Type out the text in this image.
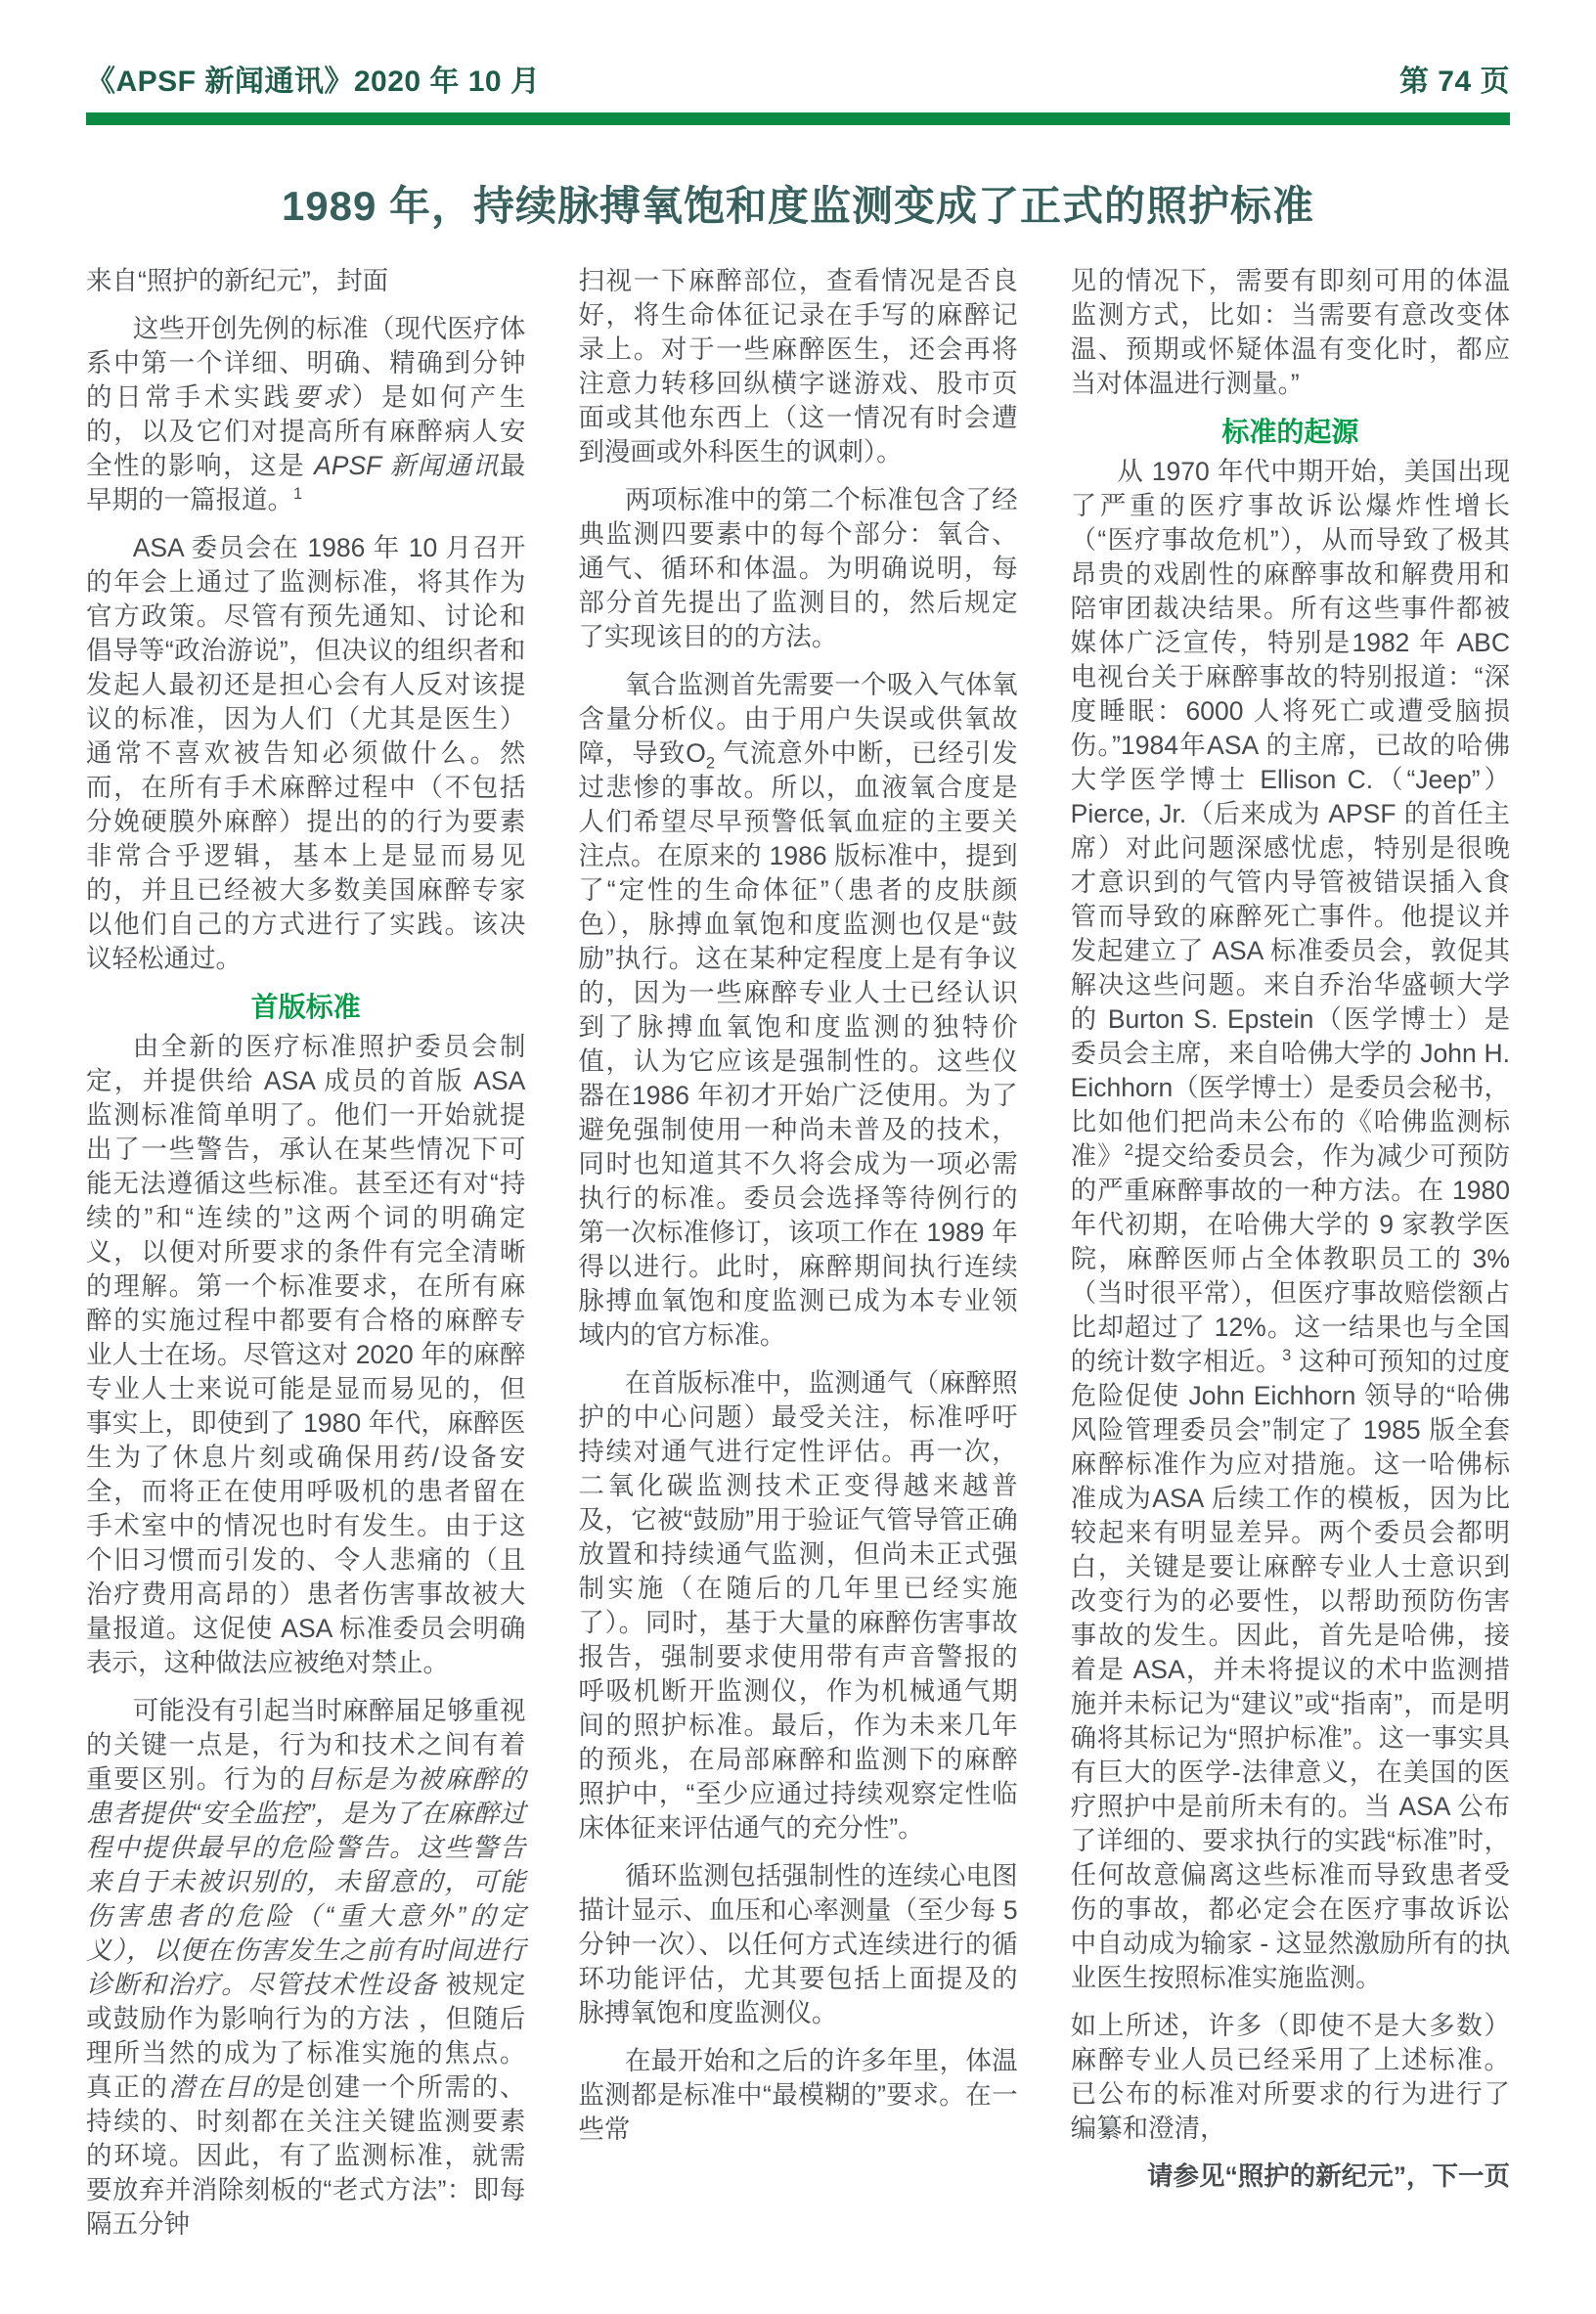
《APSF 新闻通讯》2020 年 10 月	第 74 页
1989 年，持续脉搏氧饱和度监测变成了正式的照护标准

来自“照护的新纪元”，封面

这些开创先例的标准（现代医疗体系中第一个详细、明确、精确到分钟的日常手术实践要求）是如何产生的，以及它们对提高所有麻醉病人安全性的影响，这是 APSF 新闻通讯最早期的一篇报道。$^1$

ASA 委员会在 1986 年 10 月召开的年会上通过了监测标准，将其作为官方政策。尽管有预先通知、讨论和倡导等“政治游说”，但决议的组织者和发起人最初还是担心会有人反对该提议的标准，因为人们（尤其是医生）通常不喜欢被告知必须做什么。然而，在所有手术麻醉过程中（不包括分娩硬膜外麻醉）提出的的行为要素非常合乎逻辑，基本上是显而易见的，并且已经被大多数美国麻醉专家以他们自己的方式进行了实践。该决议轻松通过。

首版标准

由全新的医疗标准照护委员会制定，并提供给 ASA 成员的首版 ASA 监测标准简单明了。他们一开始就提出了一些警告，承认在某些情况下可能无法遵循这些标准。甚至还有对“持续的”和“连续的”这两个词的明确定义，以便对所要求的条件有完全清晰的理解。第一个标准要求，在所有麻醉的实施过程中都要有合格的麻醉专业人士在场。尽管这对 2020 年的麻醉专业人士来说可能是显而易见的，但事实上，即使到了 1980 年代，麻醉医生为了休息片刻或确保用药/设备安全，而将正在使用呼吸机的患者留在手术室中的情况也时有发生。由于这个旧习惯而引发的、令人悲痛的（且治疗费用高昂的）患者伤害事故被大量报道。这促使 ASA 标准委员会明确表示，这种做法应被绝对禁止。

可能没有引起当时麻醉届足够重视的关键一点是，行为和技术之间有着重要区别。行为的目标是为被麻醉的患者提供“安全监控”，是为了在麻醉过程中提供最早的危险警告。这些警告来自于未被识别的，未留意的，可能伤害患者的危险（“重大意外”的定义），以便在伤害发生之前有时间进行诊断和治疗。尽管技术性设备 被规定或鼓励作为影响行为的方法 ，但随后理所当然的成为了标准实施的焦点。真正的潜在目的是创建一个所需的、持续的、时刻都在关注关键监测要素的环境。因此，有了监测标准，就需要放弃并消除刻板的“老式方法”：即每隔五分钟

扫视一下麻醉部位，查看情况是否良好，将生命体征记录在手写的麻醉记录上。对于一些麻醉医生，还会再将注意力转移回纵横字谜游戏、股市页面或其他东西上（这一情况有时会遭到漫画或外科医生的讽刺）。

两项标准中的第二个标准包含了经典监测四要素中的每个部分：氧合、通气、循环和体温。为明确说明，每部分首先提出了监测目的，然后规定了实现该目的的方法。

氧合监测首先需要一个吸入气体氧含量分析仪。由于用户失误或供氧故障，导致$O_2$ 气流意外中断，已经引发过悲惨的事故。所以，血液氧合度是人们希望尽早预警低氧血症的主要关注点。在原来的 1986 版标准中，提到了“定性的生命体征”（患者的皮肤颜色），脉搏血氧饱和度监测也仅是“鼓励”执行。这在某种定程度上是有争议的，因为一些麻醉专业人士已经认识到了脉搏血氧饱和度监测的独特价值，认为它应该是强制性的。这些仪器在1986 年初才开始广泛使用。为了避免强制使用一种尚未普及的技术，同时也知道其不久将会成为一项必需执行的标准。委员会选择等待例行的第一次标准修订，该项工作在 1989 年得以进行。此时，麻醉期间执行连续脉搏血氧饱和度监测已成为本专业领域内的官方标准。

在首版标准中，监测通气（麻醉照护的中心问题）最受关注，标准呼吁持续对通气进行定性评估。再一次，二氧化碳监测技术正变得越来越普及，它被“鼓励”用于验证气管导管正确放置和持续通气监测，但尚未正式强制实施（在随后的几年里已经实施了）。同时，基于大量的麻醉伤害事故报告，强制要求使用带有声音警报的呼吸机断开监测仪，作为机械通气期间的照护标准。最后，作为未来几年的预兆，在局部麻醉和监测下的麻醉照护中，“至少应通过持续观察定性临床体征来评估通气的充分性”。

循环监测包括强制性的连续心电图描计显示、血压和心率测量（至少每 5 分钟一次）、以任何方式连续进行的循环功能评估，尤其要包括上面提及的脉搏氧饱和度监测仪。

在最开始和之后的许多年里，体温监测都是标准中“最模糊的”要求。在一些常

见的情况下，需要有即刻可用的体温监测方式，比如：当需要有意改变体温、预期或怀疑体温有变化时，都应当对体温进行测量。”

标准的起源

从 1970 年代中期开始，美国出现了严重的医疗事故诉讼爆炸性增长（“医疗事故危机”），从而导致了极其昂贵的戏剧性的麻醉事故和解费用和陪审团裁决结果。所有这些事件都被媒体广泛宣传，特别是1982 年 ABC 电视台关于麻醉事故的特别报道：“深度睡眠：6000 人将死亡或遭受脑损伤。”1984年ASA 的主席，已故的哈佛大学医学博士 Ellison C.（“Jeep”）Pierce, Jr.（后来成为 APSF 的首任主席）对此问题深感忧虑，特别是很晚才意识到的气管内导管被错误插入食管而导致的麻醉死亡事件。他提议并发起建立了 ASA 标准委员会，敦促其解决这些问题。来自乔治华盛顿大学的 Burton S. Epstein（医学博士）是委员会主席，来自哈佛大学的 John H. Eichhorn（医学博士）是委员会秘书，比如他们把尚未公布的《哈佛监测标准》$^2$提交给委员会，作为减少可预防的严重麻醉事故的一种方法。在 1980 年代初期，在哈佛大学的 9 家教学医院，麻醉医师占全体教职员工的 3%（当时很平常），但医疗事故赔偿额占比却超过了 12%。这一结果也与全国的统计数字相近。$^3$ 这种可预知的过度危险促使 John Eichhorn 领导的“哈佛风险管理委员会”制定了 1985 版全套麻醉标准作为应对措施。这一哈佛标准成为ASA 后续工作的模板，因为比较起来有明显差异。两个委员会都明白，关键是要让麻醉专业人士意识到改变行为的必要性，以帮助预防伤害事故的发生。因此，首先是哈佛，接着是 ASA，并未将提议的术中监测措施并未标记为“建议”或“指南”，而是明确将其标记为“照护标准”。这一事实具有巨大的医学-法律意义，在美国的医疗照护中是前所未有的。当 ASA 公布了详细的、要求执行的实践“标准”时，任何故意偏离这些标准而导致患者受伤的事故，都必定会在医疗事故诉讼中自动成为输家 - 这显然激励所有的执业医生按照标准实施监测。

如上所述，许多（即使不是大多数）麻醉专业人员已经采用了上述标准。已公布的标准对所要求的行为进行了编纂和澄清，

请参见“照护的新纪元”，下一页
